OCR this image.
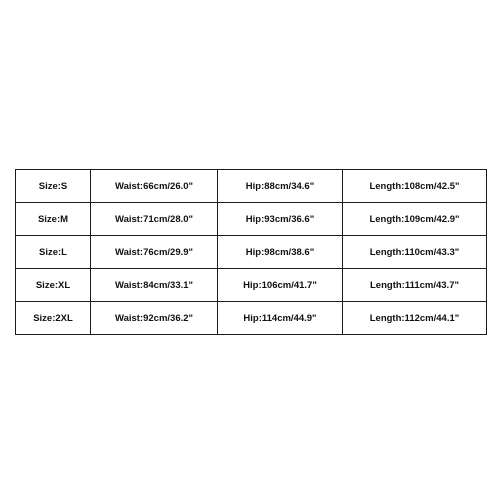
Size:S	Waist:66cm/26.0"	Hip:88cm/34.6"	Length:108cm/42.5"
Size:M	Waist:71cm/28.0"	Hip:93cm/36.6"	Length:109cm/42.9"
Size:L	Waist:76cm/29.9"	Hip:98cm/38.6"	Length:110cm/43.3"
Size:XL	Waist:84cm/33.1"	Hip:106cm/41.7"	Length:111cm/43.7"
Size:2XL	Waist:92cm/36.2"	Hip:114cm/44.9"	Length:112cm/44.1"
